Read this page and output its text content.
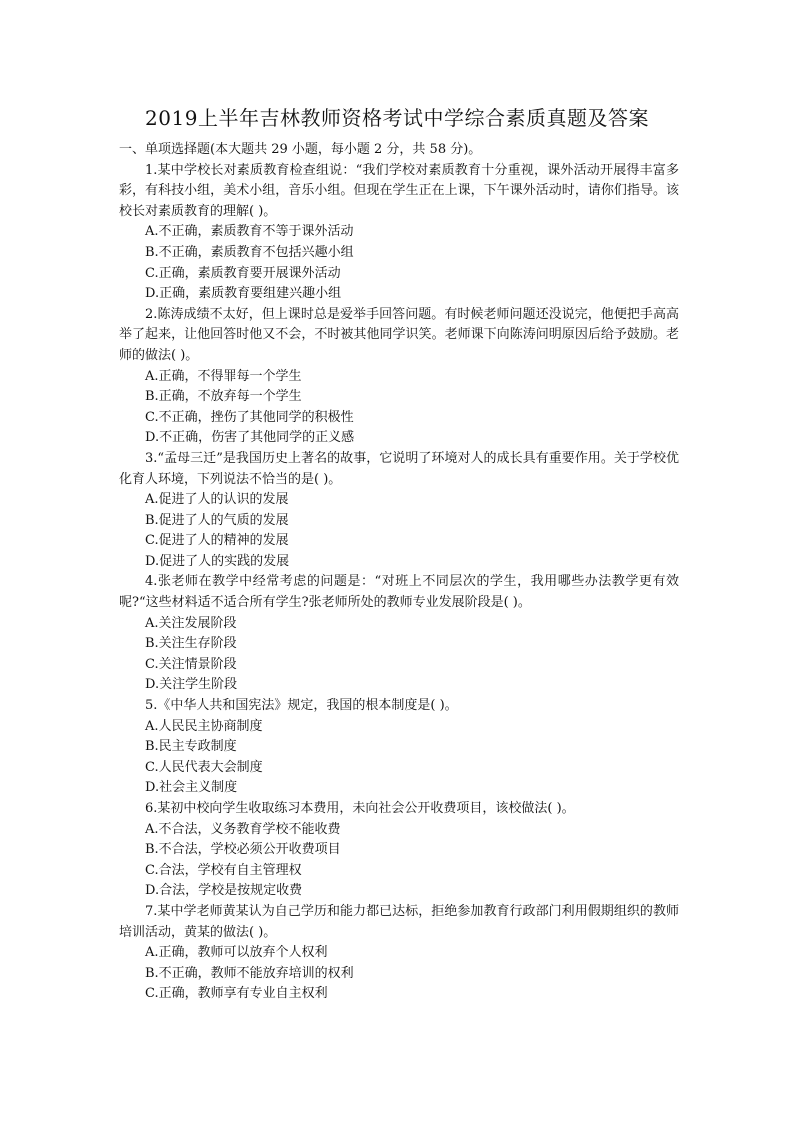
2019上半年吉林教师资格考试中学综合素质真题及答案

一、单项选择题(本大题共 29 小题，每小题 2 分，共 58 分)。

1.某中学校长对素质教育检查组说：“我们学校对素质教育十分重视，课外活动开展得丰富多彩，有科技小组，美术小组，音乐小组。但现在学生正在上课，下午课外活动时，请你们指导。该校长对素质教育的理解( )。

A.不正确，素质教育不等于课外活动

B.不正确，素质教育不包括兴趣小组

C.正确，素质教育要开展课外活动

D.正确，素质教育要组建兴趣小组

2.陈涛成绩不太好，但上课时总是爱举手回答问题。有时候老师问题还没说完，他便把手高高举了起来，让他回答时他又不会，不时被其他同学识笑。老师课下向陈涛问明原因后给予鼓励。老师的做法( )。

A.正确，不得罪每一个学生

B.正确，不放弃每一个学生

C.不正确，挫伤了其他同学的积极性

D.不正确，伤害了其他同学的正义感

3.“孟母三迁”是我国历史上著名的故事，它说明了环境对人的成长具有重要作用。关于学校优化育人环境，下列说法不恰当的是( )。

A.促进了人的认识的发展

B.促进了人的气质的发展

C.促进了人的精神的发展

D.促进了人的实践的发展

4.张老师在教学中经常考虑的问题是：“对班上不同层次的学生，我用哪些办法教学更有效呢?“这些材料适不适合所有学生?张老师所处的教师专业发展阶段是( )。

A.关注发展阶段

B.关注生存阶段

C.关注情景阶段

D.关注学生阶段

5.《中华人共和国宪法》规定，我国的根本制度是( )。

A.人民民主协商制度

B.民主专政制度

C.人民代表大会制度

D.社会主义制度

6.某初中校向学生收取练习本费用，未向社会公开收费项目，该校做法( )。

A.不合法，义务教育学校不能收费

B.不合法，学校必须公开收费项目

C.合法，学校有自主管理权

D.合法，学校是按规定收费

7.某中学老师黄某认为自己学历和能力都已达标，拒绝参加教育行政部门利用假期组织的教师培训活动，黄某的做法( )。

A.正确，教师可以放弃个人权利

B.不正确，教师不能放弃培训的权利

C.正确，教师享有专业自主权利
